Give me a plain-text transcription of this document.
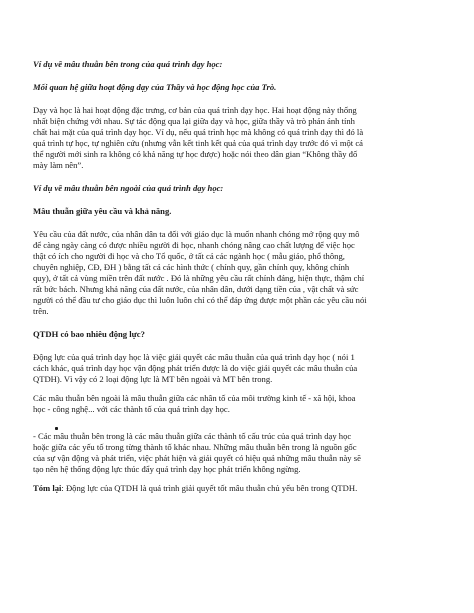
Ví dụ về mâu thuẫn bên trong của quá trình dạy học:

Mối quan hệ giữa hoạt động dạy của Thầy và học động học của Trò.

Dạy và học là hai hoạt động đặc trưng, cơ bản của quá trình dạy học. Hai hoạt động này thống

nhất biện chứng với nhau. Sự tác động qua lại giữa dạy và học, giữa thầy và trò phản ánh tính

chất hai mặt của quá trình dạy học. Ví dụ, nếu quá trình học mà không có quá trình dạy thì đó là

quá trình tự học, tự nghiên cứu (nhưng vẫn kết tinh kết quả của quá trình dạy trước đó vì một cá

thể người mới sinh ra không có khả năng tự học được) hoặc nói theo dân gian “Không thầy đố

mày làm nên”.

Ví dụ về mâu thuẫn bên ngoài của quá trình dạy học:

Mâu thuẫn giữa yêu cầu và khả năng.

Yêu cầu của đất nước, của nhân dân ta đối với giáo dục là muốn nhanh chóng mở rộng quy mô

để càng ngày càng có được nhiều người đi học, nhanh chóng nâng cao chất lượng để việc học

thật có ích cho người đi học và cho Tổ quốc, ở tất cả các ngành học ( mẫu giáo, phổ thông,

chuyên nghiệp, CĐ, ĐH ) bằng tất cả các hình thức ( chính quy, gần chính quy, không chính

quy), ở tất cả vùng miền trên đất nước . Đó là những yêu cầu rất chính đáng, hiện thực, thậm chí

rất bức bách. Nhưng khả năng của đất nước, của nhân dân, dưới dạng tiền của , vật chất và sức

người có thể đầu tư cho giáo dục thì luôn luôn chỉ có thể đáp ứng được một phần các yêu cầu nói

trên.

QTDH có bao nhiêu động lực?

Động lực của quá trình dạy học là việc giải quyết các mâu thuẫn của quá trình dạy học ( nói 1

cách khác, quá trình dạy học vận động phát triển được là do việc giải quyết các mâu thuẫn của

QTDH). Vì vậy có 2 loại động lực là MT bên ngoài và MT bên trong.

Các mâu thuẫn bên ngoài là mâu thuẫn giữa các nhân tố của môi trường kinh tế - xã hội, khoa

học - công nghệ... với các thành tố của quá trình dạy học.

- Các mâu thuẫn bên trong là các mâu thuẫn giữa các thành tố cấu trúc của quá trình dạy học

hoặc giữa các yếu tố trong từng thành tố khác nhau. Những mâu thuẫn bên trong là nguồn gốc

của sự vận động và phát triển, việc phát hiện và giải quyết có hiệu quả những mâu thuẫn này sẽ

tạo nên hệ thống động lực thúc đẩy quá trình dạy học phát triển không ngừng.

Tóm lại: Động lực của QTDH là quá trình giải quyết tốt mâu thuẫn chủ yếu bên trong QTDH.
